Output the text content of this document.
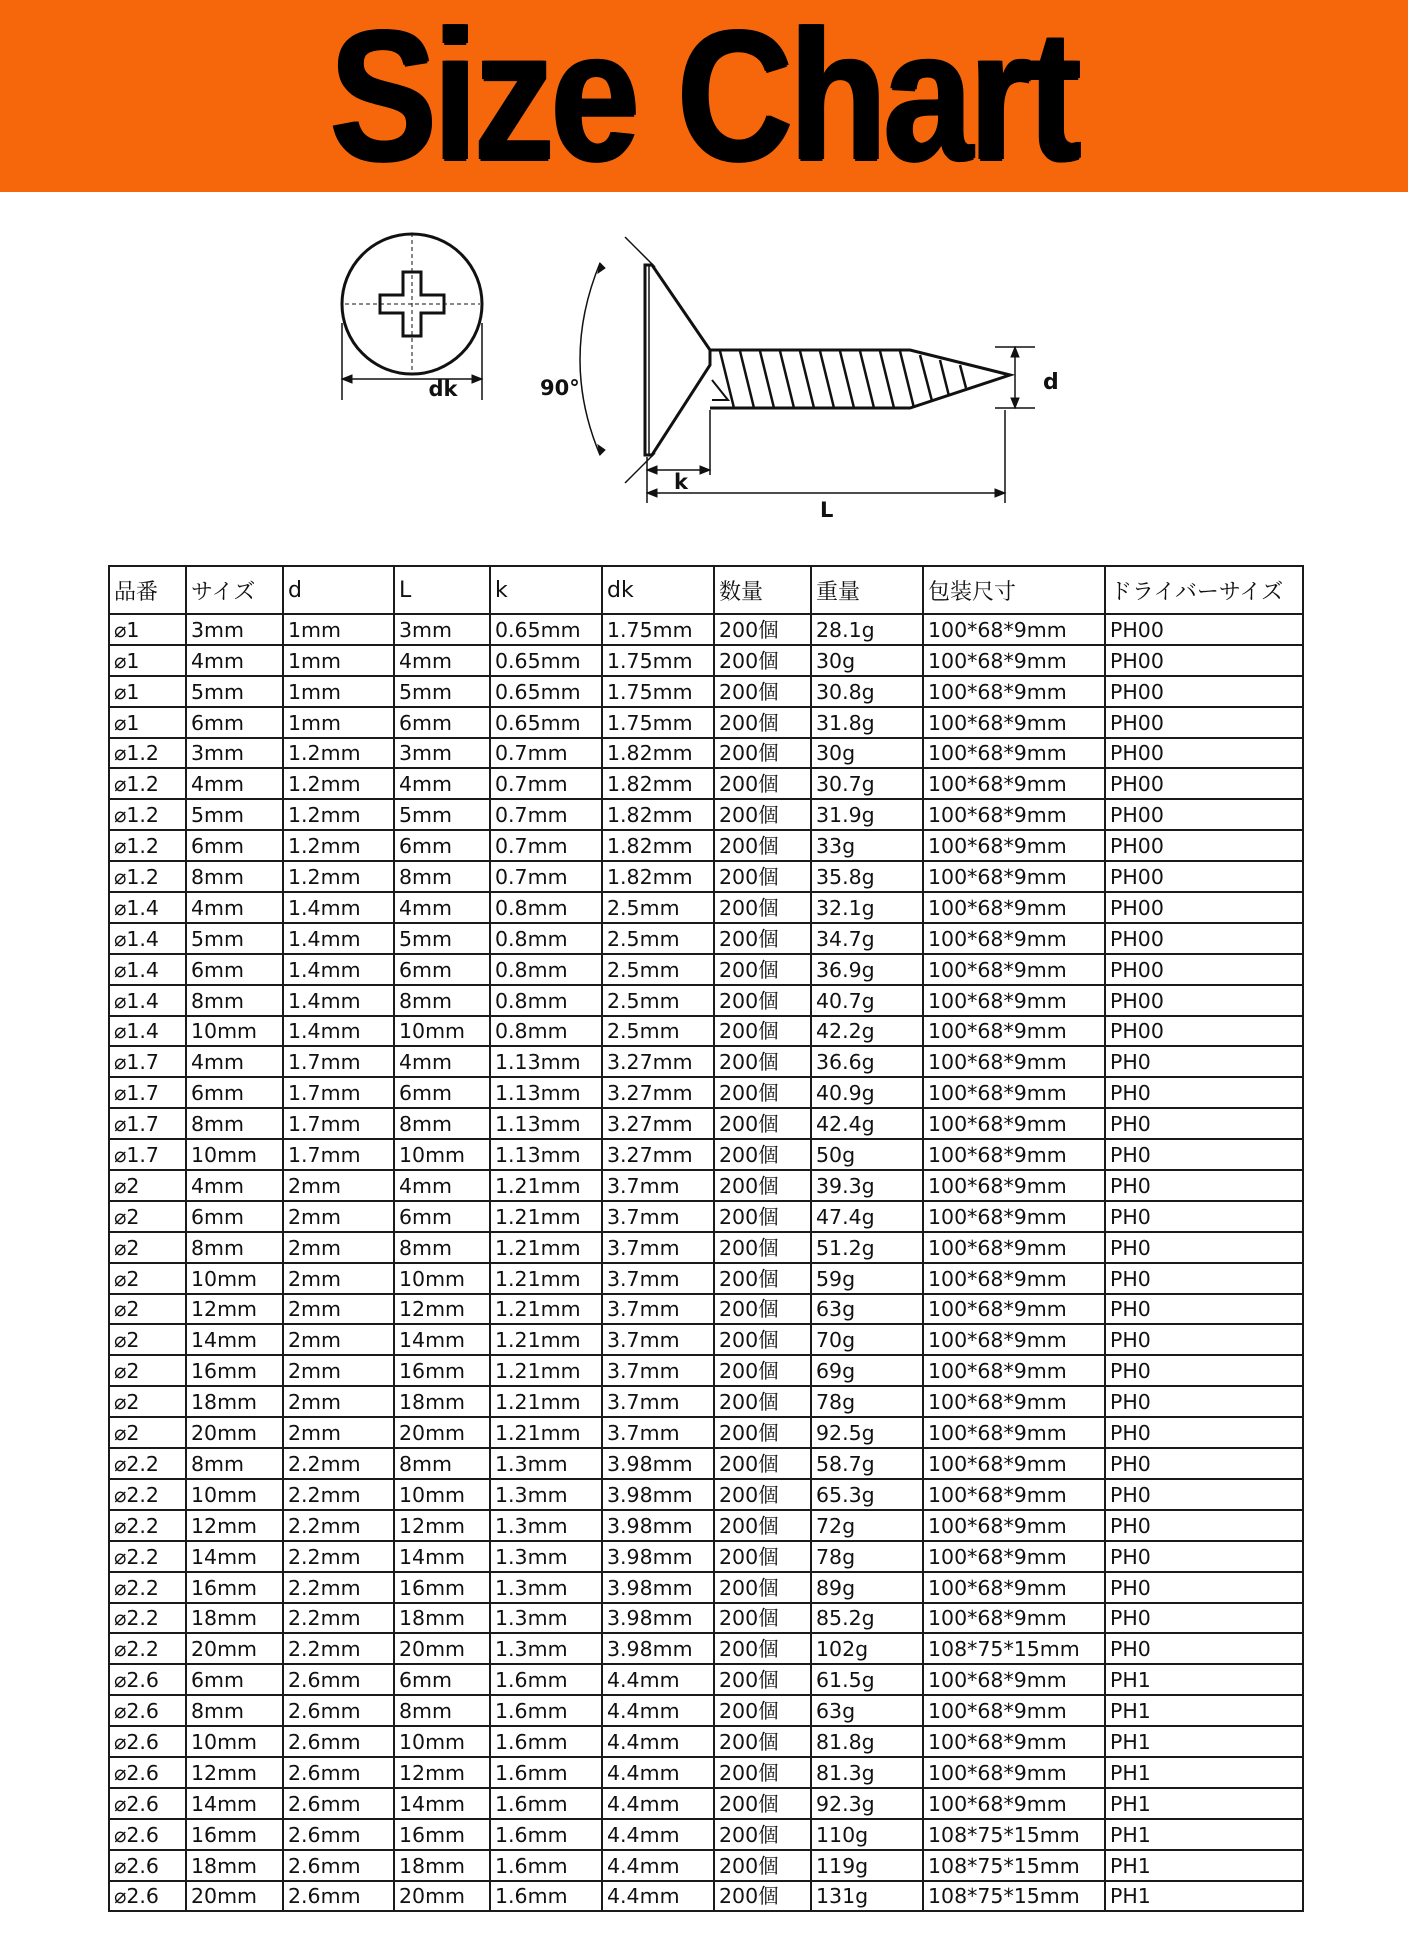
Size Chart
dk	90°	d
k
L
品番	サイズ	d	L	k	dk	数量	重量	包装尺寸	ドライバーサイズ
⌀1	3mm	1mm	3mm	0.65mm	1.75mm	200個	28.1g	100*68*9mm	PH00
⌀1	4mm	1mm	4mm	0.65mm	1.75mm	200個	30g	100*68*9mm	PH00
⌀1	5mm	1mm	5mm	0.65mm	1.75mm	200個	30.8g	100*68*9mm	PH00
⌀1	6mm	1mm	6mm	0.65mm	1.75mm	200個	31.8g	100*68*9mm	PH00
⌀1.2	3mm	1.2mm	3mm	0.7mm	1.82mm	200個	30g	100*68*9mm	PH00
⌀1.2	4mm	1.2mm	4mm	0.7mm	1.82mm	200個	30.7g	100*68*9mm	PH00
⌀1.2	5mm	1.2mm	5mm	0.7mm	1.82mm	200個	31.9g	100*68*9mm	PH00
⌀1.2	6mm	1.2mm	6mm	0.7mm	1.82mm	200個	33g	100*68*9mm	PH00
⌀1.2	8mm	1.2mm	8mm	0.7mm	1.82mm	200個	35.8g	100*68*9mm	PH00
⌀1.4	4mm	1.4mm	4mm	0.8mm	2.5mm	200個	32.1g	100*68*9mm	PH00
⌀1.4	5mm	1.4mm	5mm	0.8mm	2.5mm	200個	34.7g	100*68*9mm	PH00
⌀1.4	6mm	1.4mm	6mm	0.8mm	2.5mm	200個	36.9g	100*68*9mm	PH00
⌀1.4	8mm	1.4mm	8mm	0.8mm	2.5mm	200個	40.7g	100*68*9mm	PH00
⌀1.4	10mm	1.4mm	10mm	0.8mm	2.5mm	200個	42.2g	100*68*9mm	PH00
⌀1.7	4mm	1.7mm	4mm	1.13mm	3.27mm	200個	36.6g	100*68*9mm	PH0
⌀1.7	6mm	1.7mm	6mm	1.13mm	3.27mm	200個	40.9g	100*68*9mm	PH0
⌀1.7	8mm	1.7mm	8mm	1.13mm	3.27mm	200個	42.4g	100*68*9mm	PH0
⌀1.7	10mm	1.7mm	10mm	1.13mm	3.27mm	200個	50g	100*68*9mm	PH0
⌀2	4mm	2mm	4mm	1.21mm	3.7mm	200個	39.3g	100*68*9mm	PH0
⌀2	6mm	2mm	6mm	1.21mm	3.7mm	200個	47.4g	100*68*9mm	PH0
⌀2	8mm	2mm	8mm	1.21mm	3.7mm	200個	51.2g	100*68*9mm	PH0
⌀2	10mm	2mm	10mm	1.21mm	3.7mm	200個	59g	100*68*9mm	PH0
⌀2	12mm	2mm	12mm	1.21mm	3.7mm	200個	63g	100*68*9mm	PH0
⌀2	14mm	2mm	14mm	1.21mm	3.7mm	200個	70g	100*68*9mm	PH0
⌀2	16mm	2mm	16mm	1.21mm	3.7mm	200個	69g	100*68*9mm	PH0
⌀2	18mm	2mm	18mm	1.21mm	3.7mm	200個	78g	100*68*9mm	PH0
⌀2	20mm	2mm	20mm	1.21mm	3.7mm	200個	92.5g	100*68*9mm	PH0
⌀2.2	8mm	2.2mm	8mm	1.3mm	3.98mm	200個	58.7g	100*68*9mm	PH0
⌀2.2	10mm	2.2mm	10mm	1.3mm	3.98mm	200個	65.3g	100*68*9mm	PH0
⌀2.2	12mm	2.2mm	12mm	1.3mm	3.98mm	200個	72g	100*68*9mm	PH0
⌀2.2	14mm	2.2mm	14mm	1.3mm	3.98mm	200個	78g	100*68*9mm	PH0
⌀2.2	16mm	2.2mm	16mm	1.3mm	3.98mm	200個	89g	100*68*9mm	PH0
⌀2.2	18mm	2.2mm	18mm	1.3mm	3.98mm	200個	85.2g	100*68*9mm	PH0
⌀2.2	20mm	2.2mm	20mm	1.3mm	3.98mm	200個	102g	108*75*15mm	PH0
⌀2.6	6mm	2.6mm	6mm	1.6mm	4.4mm	200個	61.5g	100*68*9mm	PH1
⌀2.6	8mm	2.6mm	8mm	1.6mm	4.4mm	200個	63g	100*68*9mm	PH1
⌀2.6	10mm	2.6mm	10mm	1.6mm	4.4mm	200個	81.8g	100*68*9mm	PH1
⌀2.6	12mm	2.6mm	12mm	1.6mm	4.4mm	200個	81.3g	100*68*9mm	PH1
⌀2.6	14mm	2.6mm	14mm	1.6mm	4.4mm	200個	92.3g	100*68*9mm	PH1
⌀2.6	16mm	2.6mm	16mm	1.6mm	4.4mm	200個	110g	108*75*15mm	PH1
⌀2.6	18mm	2.6mm	18mm	1.6mm	4.4mm	200個	119g	108*75*15mm	PH1
⌀2.6	20mm	2.6mm	20mm	1.6mm	4.4mm	200個	131g	108*75*15mm	PH1
